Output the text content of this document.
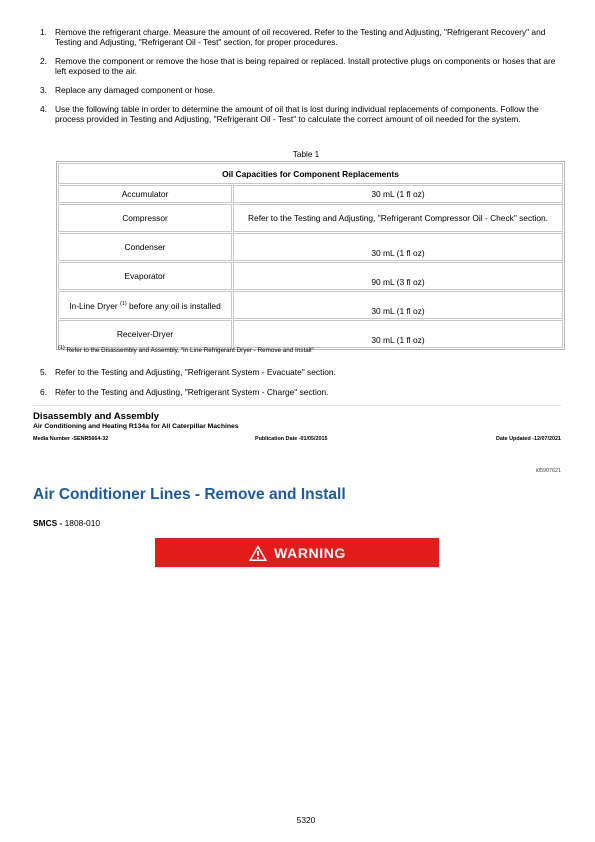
1. Remove the refrigerant charge. Measure the amount of oil recovered. Refer to the Testing and Adjusting, "Refrigerant Recovery" and Testing and Adjusting, "Refrigerant Oil - Test" section, for proper procedures.
2. Remove the component or remove the hose that is being repaired or replaced. Install protective plugs on components or hoses that are left exposed to the air.
3. Replace any damaged component or hose.
4. Use the following table in order to determine the amount of oil that is lost during individual replacements of components. Follow the process provided in Testing and Adjusting, "Refrigerant Oil - Test" to calculate the correct amount of oil needed for the system.
Table 1
Oil Capacities for Component Replacements	
Accumulator	30 mL (1 fl oz)
Compressor	Refer to the Testing and Adjusting, "Refrigerant Compressor Oil - Check" section.
Condenser	30 mL (1 fl oz)
Evaporator	90 mL (3 fl oz)
In-Line Dryer $^{(1)}$ before any oil is installed	30 mL (1 fl oz)
Receiver-Dryer	30 mL (1 fl oz)
$^{(1)}$ Refer to the Disassembly and Assembly, "In Line Refrigerant Dryer - Remove and Install"
5. Refer to the Testing and Adjusting, "Refrigerant System - Evacuate" section.
6. Refer to the Testing and Adjusting, "Refrigerant System - Charge" section.
Disassembly and Assembly
Air Conditioning and Heating R134a for All Caterpillar Machines
Media Number -SENR5664-32	Publication Date -01/05/2015	Date Updated -12/07/2021
i05907621
Air Conditioner Lines - Remove and Install
SMCS - 1808-010
WARNING
5320
